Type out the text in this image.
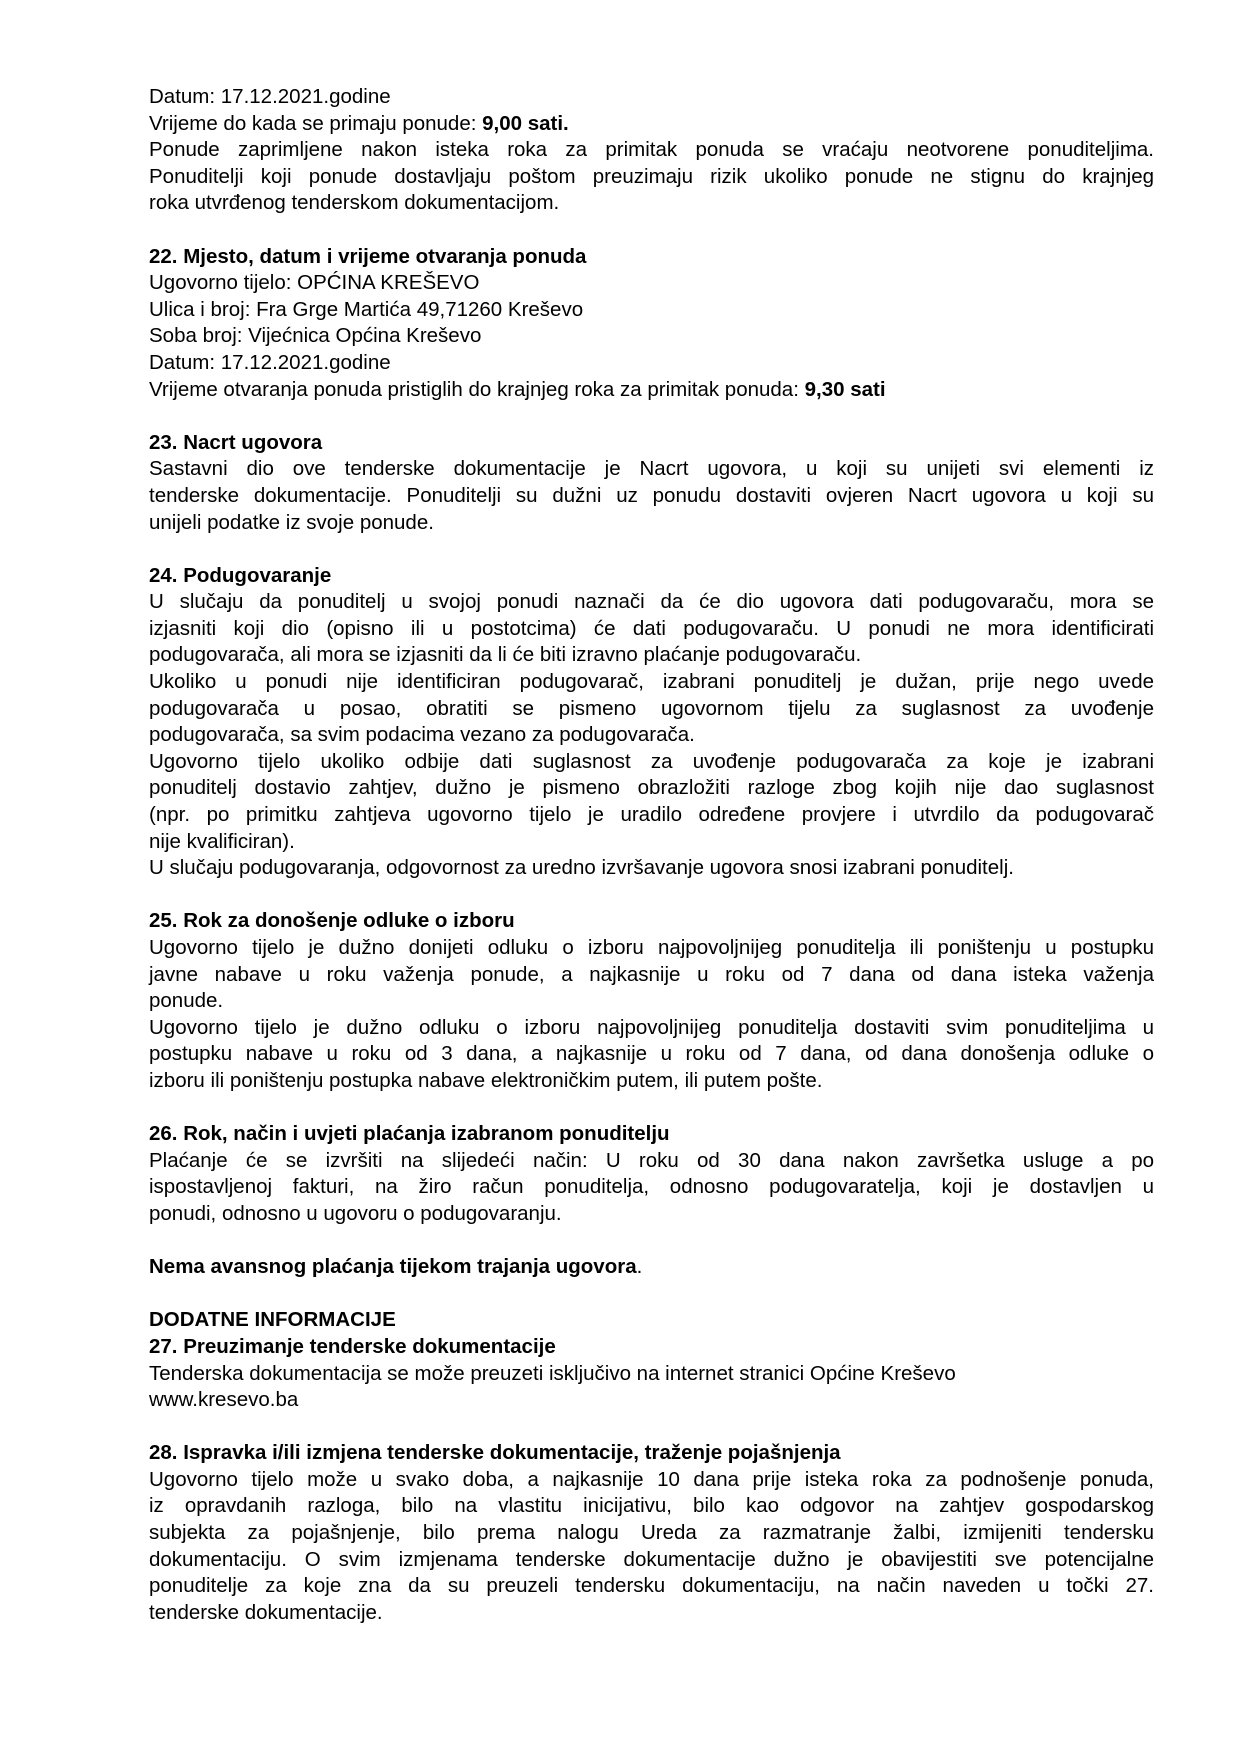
Datum: 17.12.2021.godine
Vrijeme do kada se primaju ponude: 9,00 sati.
Ponude zaprimljene nakon isteka roka za primitak ponuda se vraćaju neotvorene ponuditeljima.
Ponuditelji koji ponude dostavljaju poštom preuzimaju rizik ukoliko ponude ne stignu do krajnjeg
roka utvrđenog tenderskom dokumentacijom.
22. Mjesto, datum i vrijeme otvaranja ponuda
Ugovorno tijelo: OPĆINA KREŠEVO
Ulica i broj: Fra Grge Martića 49,71260 Kreševo
Soba broj: Vijećnica Općina Kreševo
Datum: 17.12.2021.godine
Vrijeme otvaranja ponuda pristiglih do krajnjeg roka za primitak ponuda: 9,30 sati
23. Nacrt ugovora
Sastavni dio ove tenderske dokumentacije je Nacrt ugovora, u koji su unijeti svi elementi iz
tenderske dokumentacije. Ponuditelji su dužni uz ponudu dostaviti ovjeren Nacrt ugovora u koji su
unijeli podatke iz svoje ponude.
24. Podugovaranje
U slučaju da ponuditelj u svojoj ponudi naznači da će dio ugovora dati podugovaraču, mora se
izjasniti koji dio (opisno ili u postotcima) će dati podugovaraču. U ponudi ne mora identificirati
podugovarača, ali mora se izjasniti da li će biti izravno plaćanje podugovaraču.
Ukoliko u ponudi nije identificiran podugovarač, izabrani ponuditelj je dužan, prije nego uvede
podugovarača u posao, obratiti se pismeno ugovornom tijelu za suglasnost za uvođenje
podugovarača, sa svim podacima vezano za podugovarača.
Ugovorno tijelo ukoliko odbije dati suglasnost za uvođenje podugovarača za koje je izabrani
ponuditelj dostavio zahtjev, dužno je pismeno obrazložiti razloge zbog kojih nije dao suglasnost
(npr. po primitku zahtjeva ugovorno tijelo je uradilo određene provjere i utvrdilo da podugovarač
nije kvalificiran).
U slučaju podugovaranja, odgovornost za uredno izvršavanje ugovora snosi izabrani ponuditelj.
25. Rok za donošenje odluke o izboru
Ugovorno tijelo je dužno donijeti odluku o izboru najpovoljnijeg ponuditelja ili poništenju u postupku
javne nabave u roku važenja ponude, a najkasnije u roku od 7 dana od dana isteka važenja
ponude.
Ugovorno tijelo je dužno odluku o izboru najpovoljnijeg ponuditelja dostaviti svim ponuditeljima u
postupku nabave u roku od 3 dana, a najkasnije u roku od 7 dana, od dana donošenja odluke o
izboru ili poništenju postupka nabave elektroničkim putem, ili putem pošte.
26. Rok, način i uvjeti plaćanja izabranom ponuditelju
Plaćanje će se izvršiti na slijedeći način: U roku od 30 dana nakon završetka usluge a po
ispostavljenoj fakturi, na žiro račun ponuditelja, odnosno podugovaratelja, koji je dostavljen u
ponudi, odnosno u ugovoru o podugovaranju.
Nema avansnog plaćanja tijekom trajanja ugovora.
DODATNE INFORMACIJE
27. Preuzimanje tenderske dokumentacije
Tenderska dokumentacija se može preuzeti isključivo na internet stranici Općine Kreševo
www.kresevo.ba
28. Ispravka i/ili izmjena tenderske dokumentacije, traženje pojašnjenja
Ugovorno tijelo može u svako doba, a najkasnije 10 dana prije isteka roka za podnošenje ponuda,
iz opravdanih razloga, bilo na vlastitu inicijativu, bilo kao odgovor na zahtjev gospodarskog
subjekta za pojašnjenje, bilo prema nalogu Ureda za razmatranje žalbi, izmijeniti tendersku
dokumentaciju. O svim izmjenama tenderske dokumentacije dužno je obavijestiti sve potencijalne
ponuditelje za koje zna da su preuzeli tendersku dokumentaciju, na način naveden u točki 27.
tenderske dokumentacije.
